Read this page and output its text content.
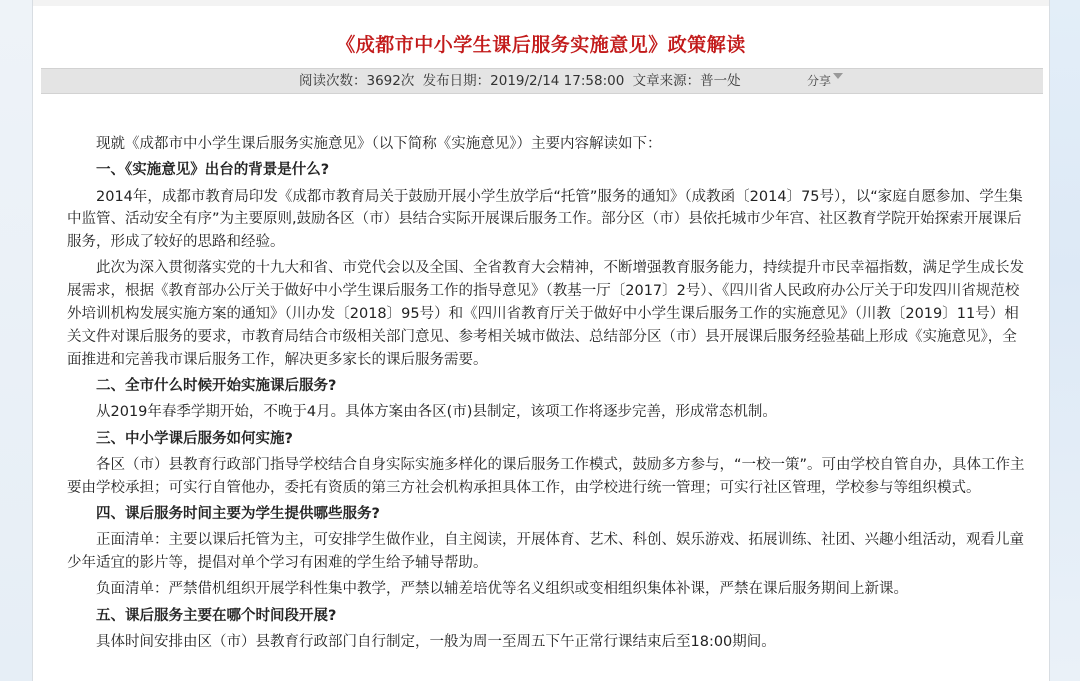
《成都市中小学生课后服务实施意见》政策解读
阅读次数：3692次 发布日期：2019/2/14 17:58:00 文章来源：普一处	分享

现就《成都市中小学生课后服务实施意见》（以下简称《实施意见》）主要内容解读如下：

一、《实施意见》出台的背景是什么?

2014年，成都市教育局印发《成都市教育局关于鼓励开展小学生放学后“托管”服务的通知》（成教函〔2014〕75号），以“家庭自愿参加、学生集中监管、活动安全有序”为主要原则,鼓励各区（市）县结合实际开展课后服务工作。部分区（市）县依托城市少年宫、社区教育学院开始探索开展课后服务，形成了较好的思路和经验。

此次为深入贯彻落实党的十九大和省、市党代会以及全国、全省教育大会精神，不断增强教育服务能力，持续提升市民幸福指数，满足学生成长发展需求，根据《教育部办公厅关于做好中小学生课后服务工作的指导意见》（教基一厅〔2017〕2号）、《四川省人民政府办公厅关于印发四川省规范校外培训机构发展实施方案的通知》（川办发〔2018〕95号）和《四川省教育厅关于做好中小学生课后服务工作的实施意见》（川教〔2019〕11号）相关文件对课后服务的要求，市教育局结合市级相关部门意见、参考相关城市做法、总结部分区（市）县开展课后服务经验基础上形成《实施意见》，全面推进和完善我市课后服务工作，解决更多家长的课后服务需要。

二、全市什么时候开始实施课后服务?

从2019年春季学期开始，不晚于4月。具体方案由各区(市)县制定，该项工作将逐步完善，形成常态机制。

三、中小学课后服务如何实施?

各区（市）县教育行政部门指导学校结合自身实际实施多样化的课后服务工作模式，鼓励多方参与，“一校一策”。可由学校自管自办，具体工作主要由学校承担；可实行自管他办，委托有资质的第三方社会机构承担具体工作，由学校进行统一管理；可实行社区管理，学校参与等组织模式。

四、课后服务时间主要为学生提供哪些服务?

正面清单：主要以课后托管为主，可安排学生做作业，自主阅读，开展体育、艺术、科创、娱乐游戏、拓展训练、社团、兴趣小组活动，观看儿童少年适宜的影片等，提倡对单个学习有困难的学生给予辅导帮助。

负面清单：严禁借机组织开展学科性集中教学，严禁以辅差培优等名义组织或变相组织集体补课，严禁在课后服务期间上新课。

五、课后服务主要在哪个时间段开展?

具体时间安排由区（市）县教育行政部门自行制定，一般为周一至周五下午正常行课结束后至18:00期间。
